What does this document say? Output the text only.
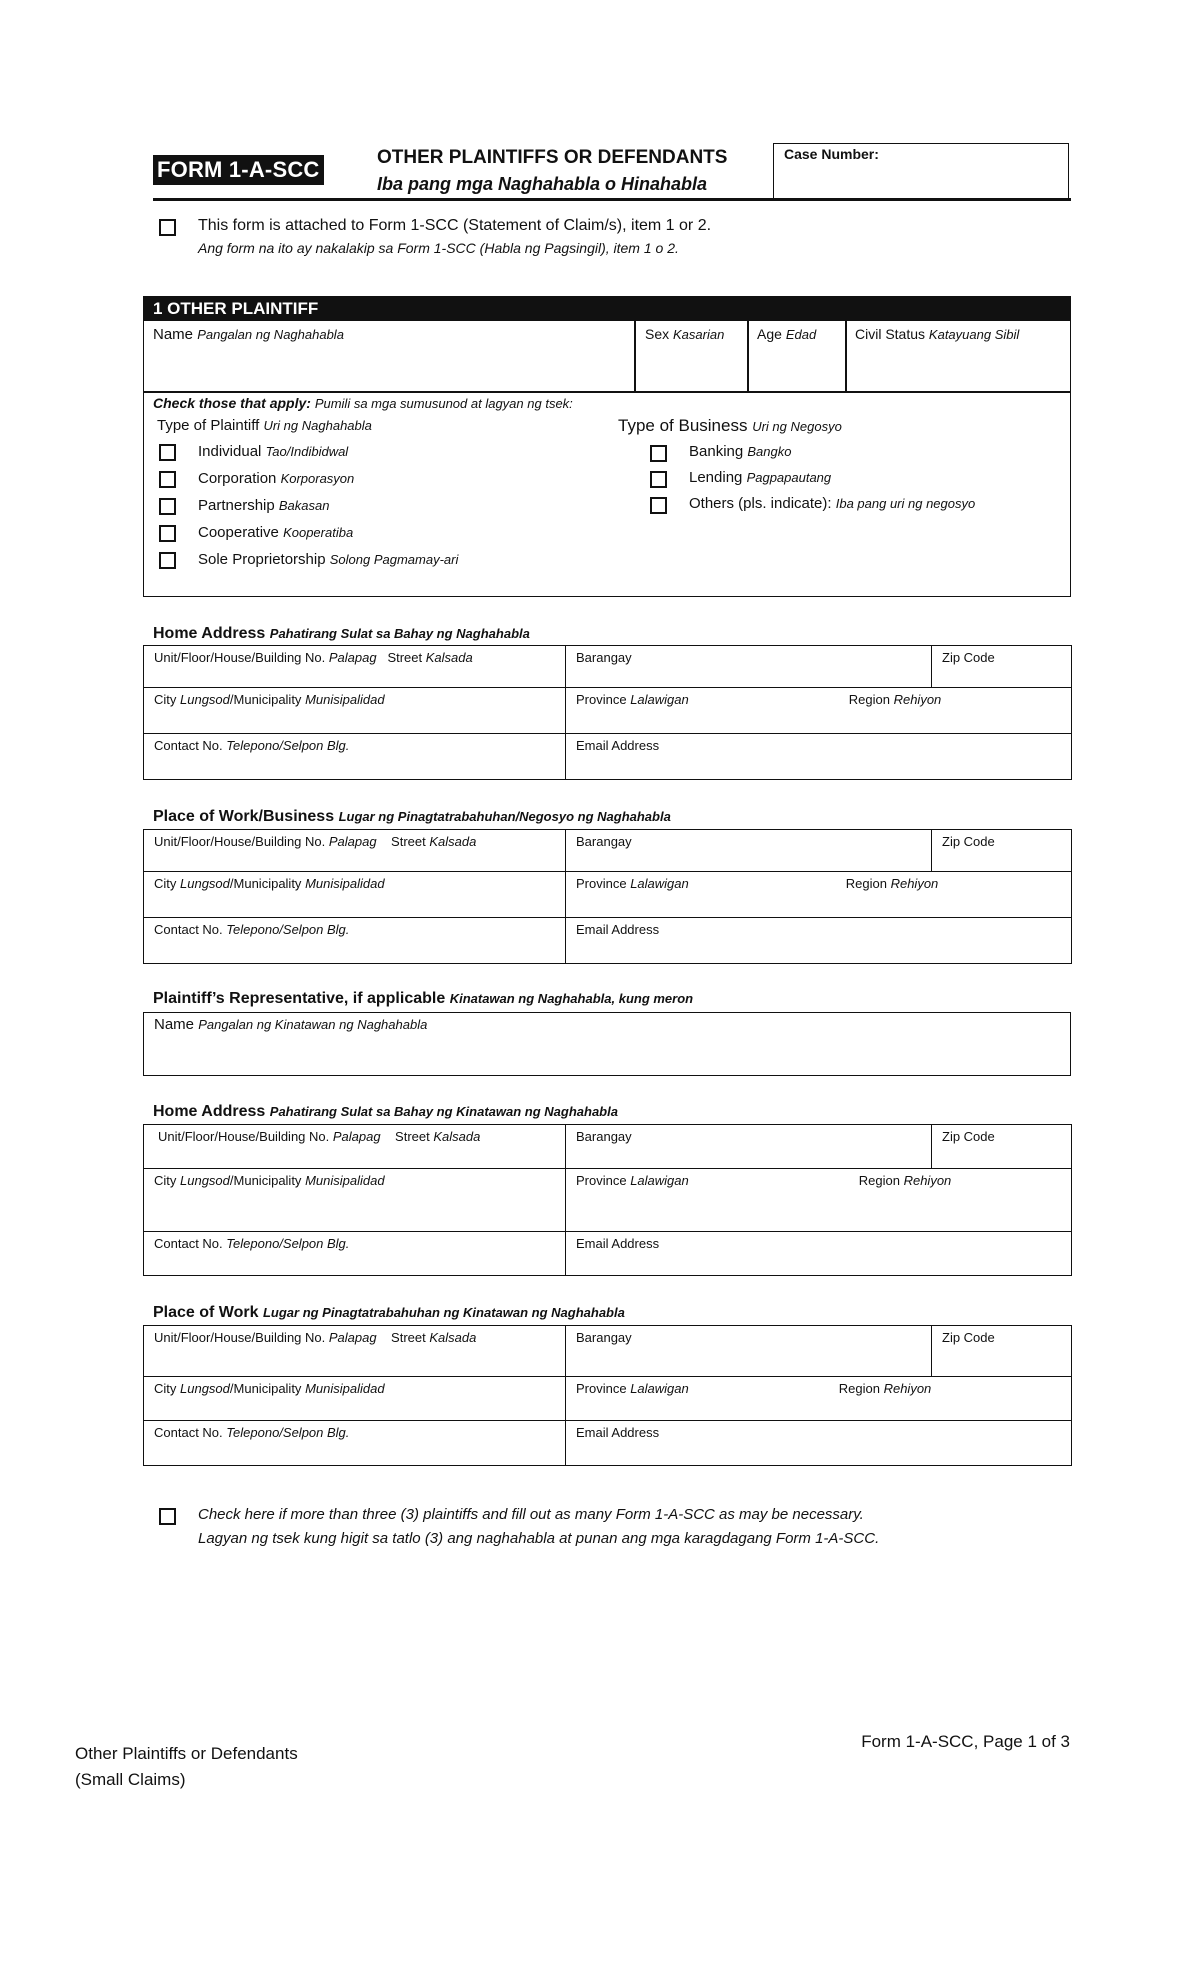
FORM 1-A-SCC	OTHER PLAINTIFFS OR DEFENDANTS
Iba pang mga Naghahabla o Hinahabla
Case Number:
This form is attached to Form 1-SCC (Statement of Claim/s), item 1 or 2.
Ang form na ito ay nakalakip sa Form 1-SCC (Habla ng Pagsingil), item 1 o 2.
1 OTHER PLAINTIFF
Name Pangalan ng Naghahabla	Sex Kasarian Age Edad	Civil Status Katayuang Sibil
Check those that apply: Pumili sa mga sumusunod at lagyan ng tsek:
Type of Plaintiff Uri ng Naghahabla
Individual Tao/Indibidwal
Corporation Korporasyon
Partnership Bakasan
Cooperative Kooperatiba
Sole Proprietorship Solong Pagmamay-ari
Type of Business Uri ng Negosyo
Banking Bangko
Lending Pagpapautang
Others (pls. indicate): Iba pang uri ng negosyo
Home Address Pahatirang Sulat sa Bahay ng Naghahabla
Unit/Floor/House/Building No. Palapag Street Kalsada	Barangay	Zip Code
City Lungsod/Municipality Munisipalidad	Province Lalawigan Region Rehiyon	
Contact No. Telepono/Selpon Blg.	Email Address	
Place of Work/Business Lugar ng Pinagtatrabahuhan/Negosyo ng Naghahabla
Unit/Floor/House/Building No. Palapag Street Kalsada	Barangay	Zip Code
City Lungsod/Municipality Munisipalidad	Province Lalawigan Region Rehiyon	
Contact No. Telepono/Selpon Blg.	Email Address	
Plaintiff’s Representative, if applicable Kinatawan ng Naghahabla, kung meron
Name Pangalan ng Kinatawan ng Naghahabla
Home Address Pahatirang Sulat sa Bahay ng Kinatawan ng Naghahabla
Unit/Floor/House/Building No. Palapag Street Kalsada	Barangay	Zip Code
City Lungsod/Municipality Munisipalidad	Province Lalawigan Region Rehiyon	
Contact No. Telepono/Selpon Blg.	Email Address	
Place of Work Lugar ng Pinagtatrabahuhan ng Kinatawan ng Naghahabla
Unit/Floor/House/Building No. Palapag Street Kalsada	Barangay	Zip Code
City Lungsod/Municipality Munisipalidad	Province Lalawigan Region Rehiyon	
Contact No. Telepono/Selpon Blg.	Email Address	
Check here if more than three (3) plaintiffs and fill out as many Form 1-A-SCC as may be necessary.
Lagyan ng tsek kung higit sa tatlo (3) ang naghahabla at punan ang mga karagdagang Form 1-A-SCC.
Other Plaintiffs or Defendants
(Small Claims)
Form 1-A-SCC, Page 1 of 3
